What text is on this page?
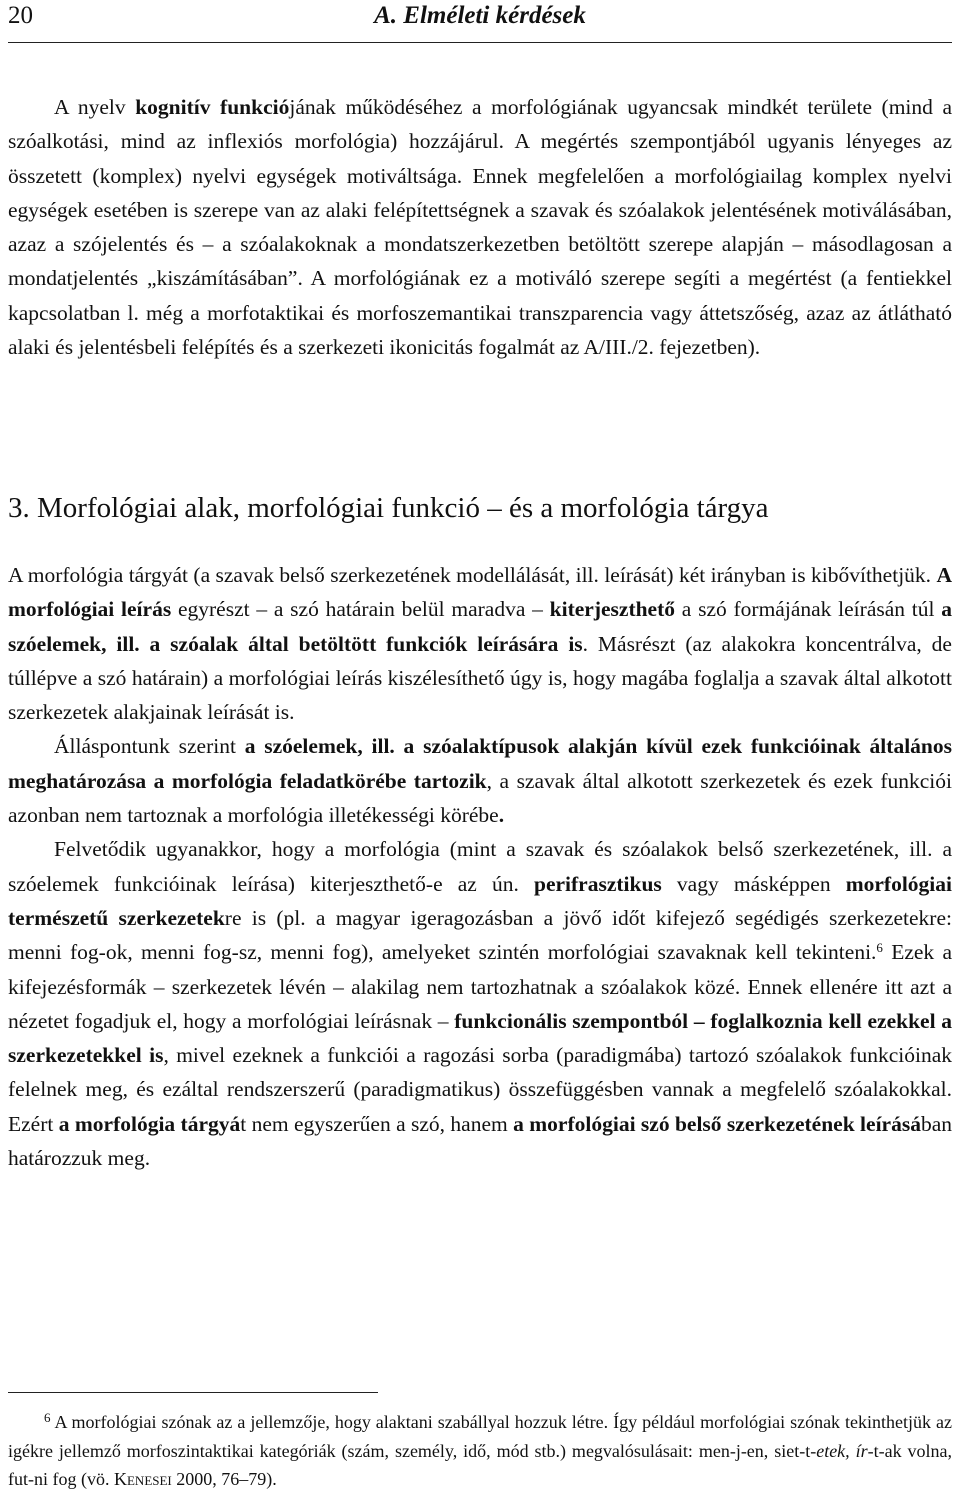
20	A. Elméleti kérdések

A nyelv kognitív funkciójának működéséhez a morfológiának ugyancsak mindkét területe (mind a szóalkotási, mind az inflexiós morfológia) hozzájárul. A megértés szempontjából ugyanis lényeges az összetett (komplex) nyelvi egységek motiváltsága. Ennek megfelelően a morfológiailag komplex nyelvi egységek esetében is szerepe van az alaki felépítettségnek a szavak és szóalakok jelentésének motiválásában, azaz a szójelentés és ‒ a szóalakoknak a mondatszerkezetben betöltött szerepe alapján ‒ másodlagosan a mondatjelentés „kiszámításában”. A morfológiának ez a motiváló szerepe segíti a megértést (a fentiekkel kapcsolatban l. még a morfotaktikai és morfoszemantikai transzparencia vagy áttetszőség, azaz az átlátható alaki és jelentésbeli felépítés és a szerkezeti ikonicitás fogalmát az A/III./2. fejezetben).

3. Morfológiai alak, morfológiai funkció ‒ és a morfológia tárgya

A morfológia tárgyát (a szavak belső szerkezetének modellálását, ill. leírását) két irányban is kibővíthetjük. A morfológiai leírás egyrészt ‒ a szó határain belül maradva ‒ kiterjeszthető a szó formájának leírásán túl a szóelemek, ill. a szóalak által betöltött funkciók leírására is. Másrészt (az alakokra koncentrálva, de túllépve a szó határain) a morfológiai leírás kiszélesíthető úgy is, hogy magába foglalja a szavak által alkotott szerkezetek alakjainak leírását is.

Álláspontunk szerint a szóelemek, ill. a szóalaktípusok alakján kívül ezek funkcióinak általános meghatározása a morfológia feladatkörébe tartozik, a szavak által alkotott szerkezetek és ezek funkciói azonban nem tartoznak a morfológia illetékességi körébe.

Felvetődik ugyanakkor, hogy a morfológia (mint a szavak és szóalakok belső szerkezetének, ill. a szóelemek funkcióinak leírása) kiterjeszthető-e az ún. perifrasztikus vagy másképpen morfológiai természetű szerkezetekre is (pl. a magyar igeragozásban a jövő időt kifejező segédigés szerkezetekre: menni fog-ok, menni fog-sz, menni fog), amelyeket szintén morfológiai szavaknak kell tekinteni.$^6$ Ezek a kifejezésformák ‒ szerkezetek lévén ‒ alakilag nem tartozhatnak a szóalakok közé. Ennek ellenére itt azt a nézetet fogadjuk el, hogy a morfológiai leírásnak ‒ funkcionális szempontból ‒ foglalkoznia kell ezekkel a szerkezetekkel is, mivel ezeknek a funkciói a ragozási sorba (paradigmába) tartozó szóalakok funkcióinak felelnek meg, és ezáltal rendszerszerű (paradigmatikus) összefüggésben vannak a megfelelő szóalakokkal. Ezért a morfológia tárgyát nem egyszerűen a szó, hanem a morfológiai szó belső szerkezetének leírásában határozzuk meg.

$^6$ A morfológiai szónak az a jellemzője, hogy alaktani szabállyal hozzuk létre. Így például morfológiai szónak tekinthetjük az igékre jellemző morfoszintaktikai kategóriák (szám, személy, idő, mód stb.) megvalósulásait: men-j-en, siet-t-etek, ír-t-ak volna, fut-ni fog (vö. Kenesei 2000, 76‒79).
